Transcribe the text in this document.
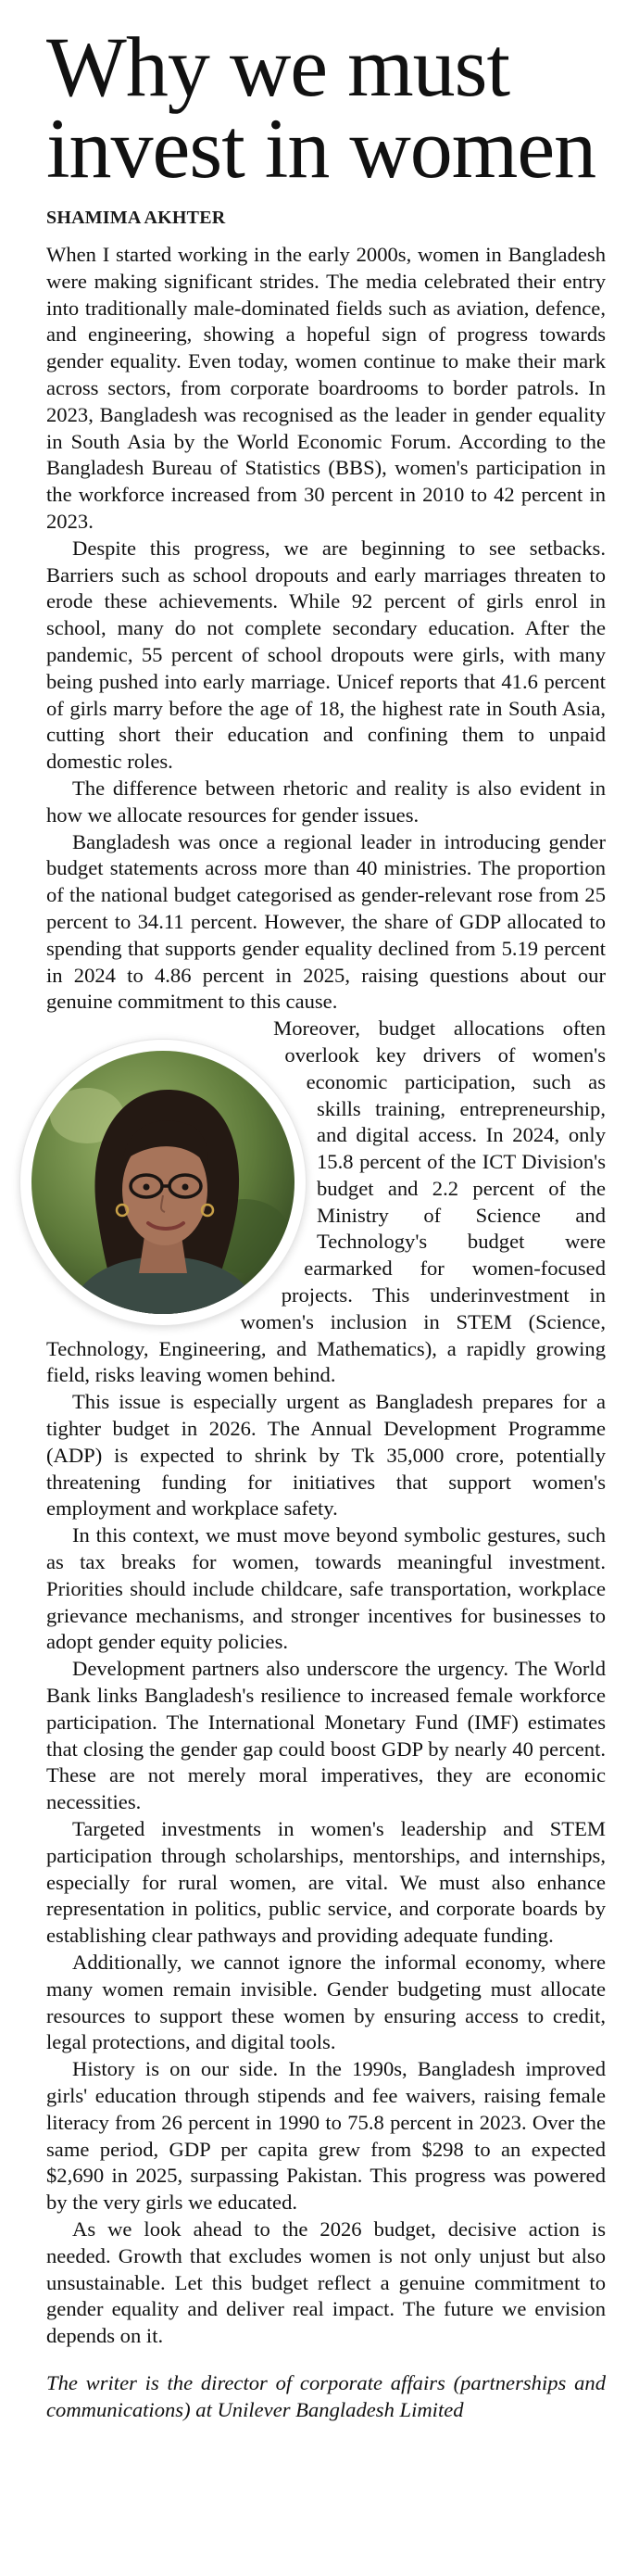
Why we must invest in women
SHAMIMA AKHTER

When I started working in the early 2000s, women in Bangladesh were making significant strides. The media celebrated their entry into traditionally male-dominated fields such as aviation, defence, and engineering, showing a hopeful sign of progress towards gender equality. Even today, women continue to make their mark across sectors, from corporate boardrooms to border patrols. In 2023, Bangladesh was recognised as the leader in gender equality in South Asia by the World Economic Forum. According to the Bangladesh Bureau of Statistics (BBS), women's participation in the workforce increased from 30 percent in 2010 to 42 percent in 2023.

Despite this progress, we are beginning to see setbacks. Barriers such as school dropouts and early marriages threaten to erode these achievements. While 92 percent of girls enrol in school, many do not complete secondary education. After the pandemic, 55 percent of school dropouts were girls, with many being pushed into early marriage. Unicef reports that 41.6 percent of girls marry before the age of 18, the highest rate in South Asia, cutting short their education and confining them to unpaid domestic roles.

The difference between rhetoric and reality is also evident in how we allocate resources for gender issues.

Bangladesh was once a regional leader in introducing gender budget statements across more than 40 ministries. The proportion of the national budget categorised as gender-relevant rose from 25 percent to 34.11 percent. However, the share of GDP allocated to spending that supports gender equality declined from 5.19 percent in 2024 to 4.86 percent in 2025, raising questions about our genuine commitment to this cause.

Moreover, budget allocations often overlook key drivers of women's economic participation, such as skills training, entrepreneurship, and digital access. In 2024, only 15.8 percent of the ICT Division's budget and 2.2 percent of the Ministry of Science and Technology's budget were earmarked for women-focused projects. This underinvestment in women's inclusion in STEM (Science, Technology, Engineering, and Mathematics), a rapidly growing field, risks leaving women behind.

This issue is especially urgent as Bangladesh prepares for a tighter budget in 2026. The Annual Development Programme (ADP) is expected to shrink by Tk 35,000 crore, potentially threatening funding for initiatives that support women's employment and workplace safety.

In this context, we must move beyond symbolic gestures, such as tax breaks for women, towards meaningful investment. Priorities should include childcare, safe transportation, workplace grievance mechanisms, and stronger incentives for businesses to adopt gender equity policies.

Development partners also underscore the urgency. The World Bank links Bangladesh's resilience to increased female workforce participation. The International Monetary Fund (IMF) estimates that closing the gender gap could boost GDP by nearly 40 percent. These are not merely moral imperatives, they are economic necessities.

Targeted investments in women's leadership and STEM participation through scholarships, mentorships, and internships, especially for rural women, are vital. We must also enhance representation in politics, public service, and corporate boards by establishing clear pathways and providing adequate funding.

Additionally, we cannot ignore the informal economy, where many women remain invisible. Gender budgeting must allocate resources to support these women by ensuring access to credit, legal protections, and digital tools.

History is on our side. In the 1990s, Bangladesh improved girls' education through stipends and fee waivers, raising female literacy from 26 percent in 1990 to 75.8 percent in 2023. Over the same period, GDP per capita grew from $298 to an expected $2,690 in 2025, surpassing Pakistan. This progress was powered by the very girls we educated.

As we look ahead to the 2026 budget, decisive action is needed. Growth that excludes women is not only unjust but also unsustainable. Let this budget reflect a genuine commitment to gender equality and deliver real impact. The future we envision depends on it.

The writer is the director of corporate affairs (partnerships and communications) at Unilever Bangladesh Limited
